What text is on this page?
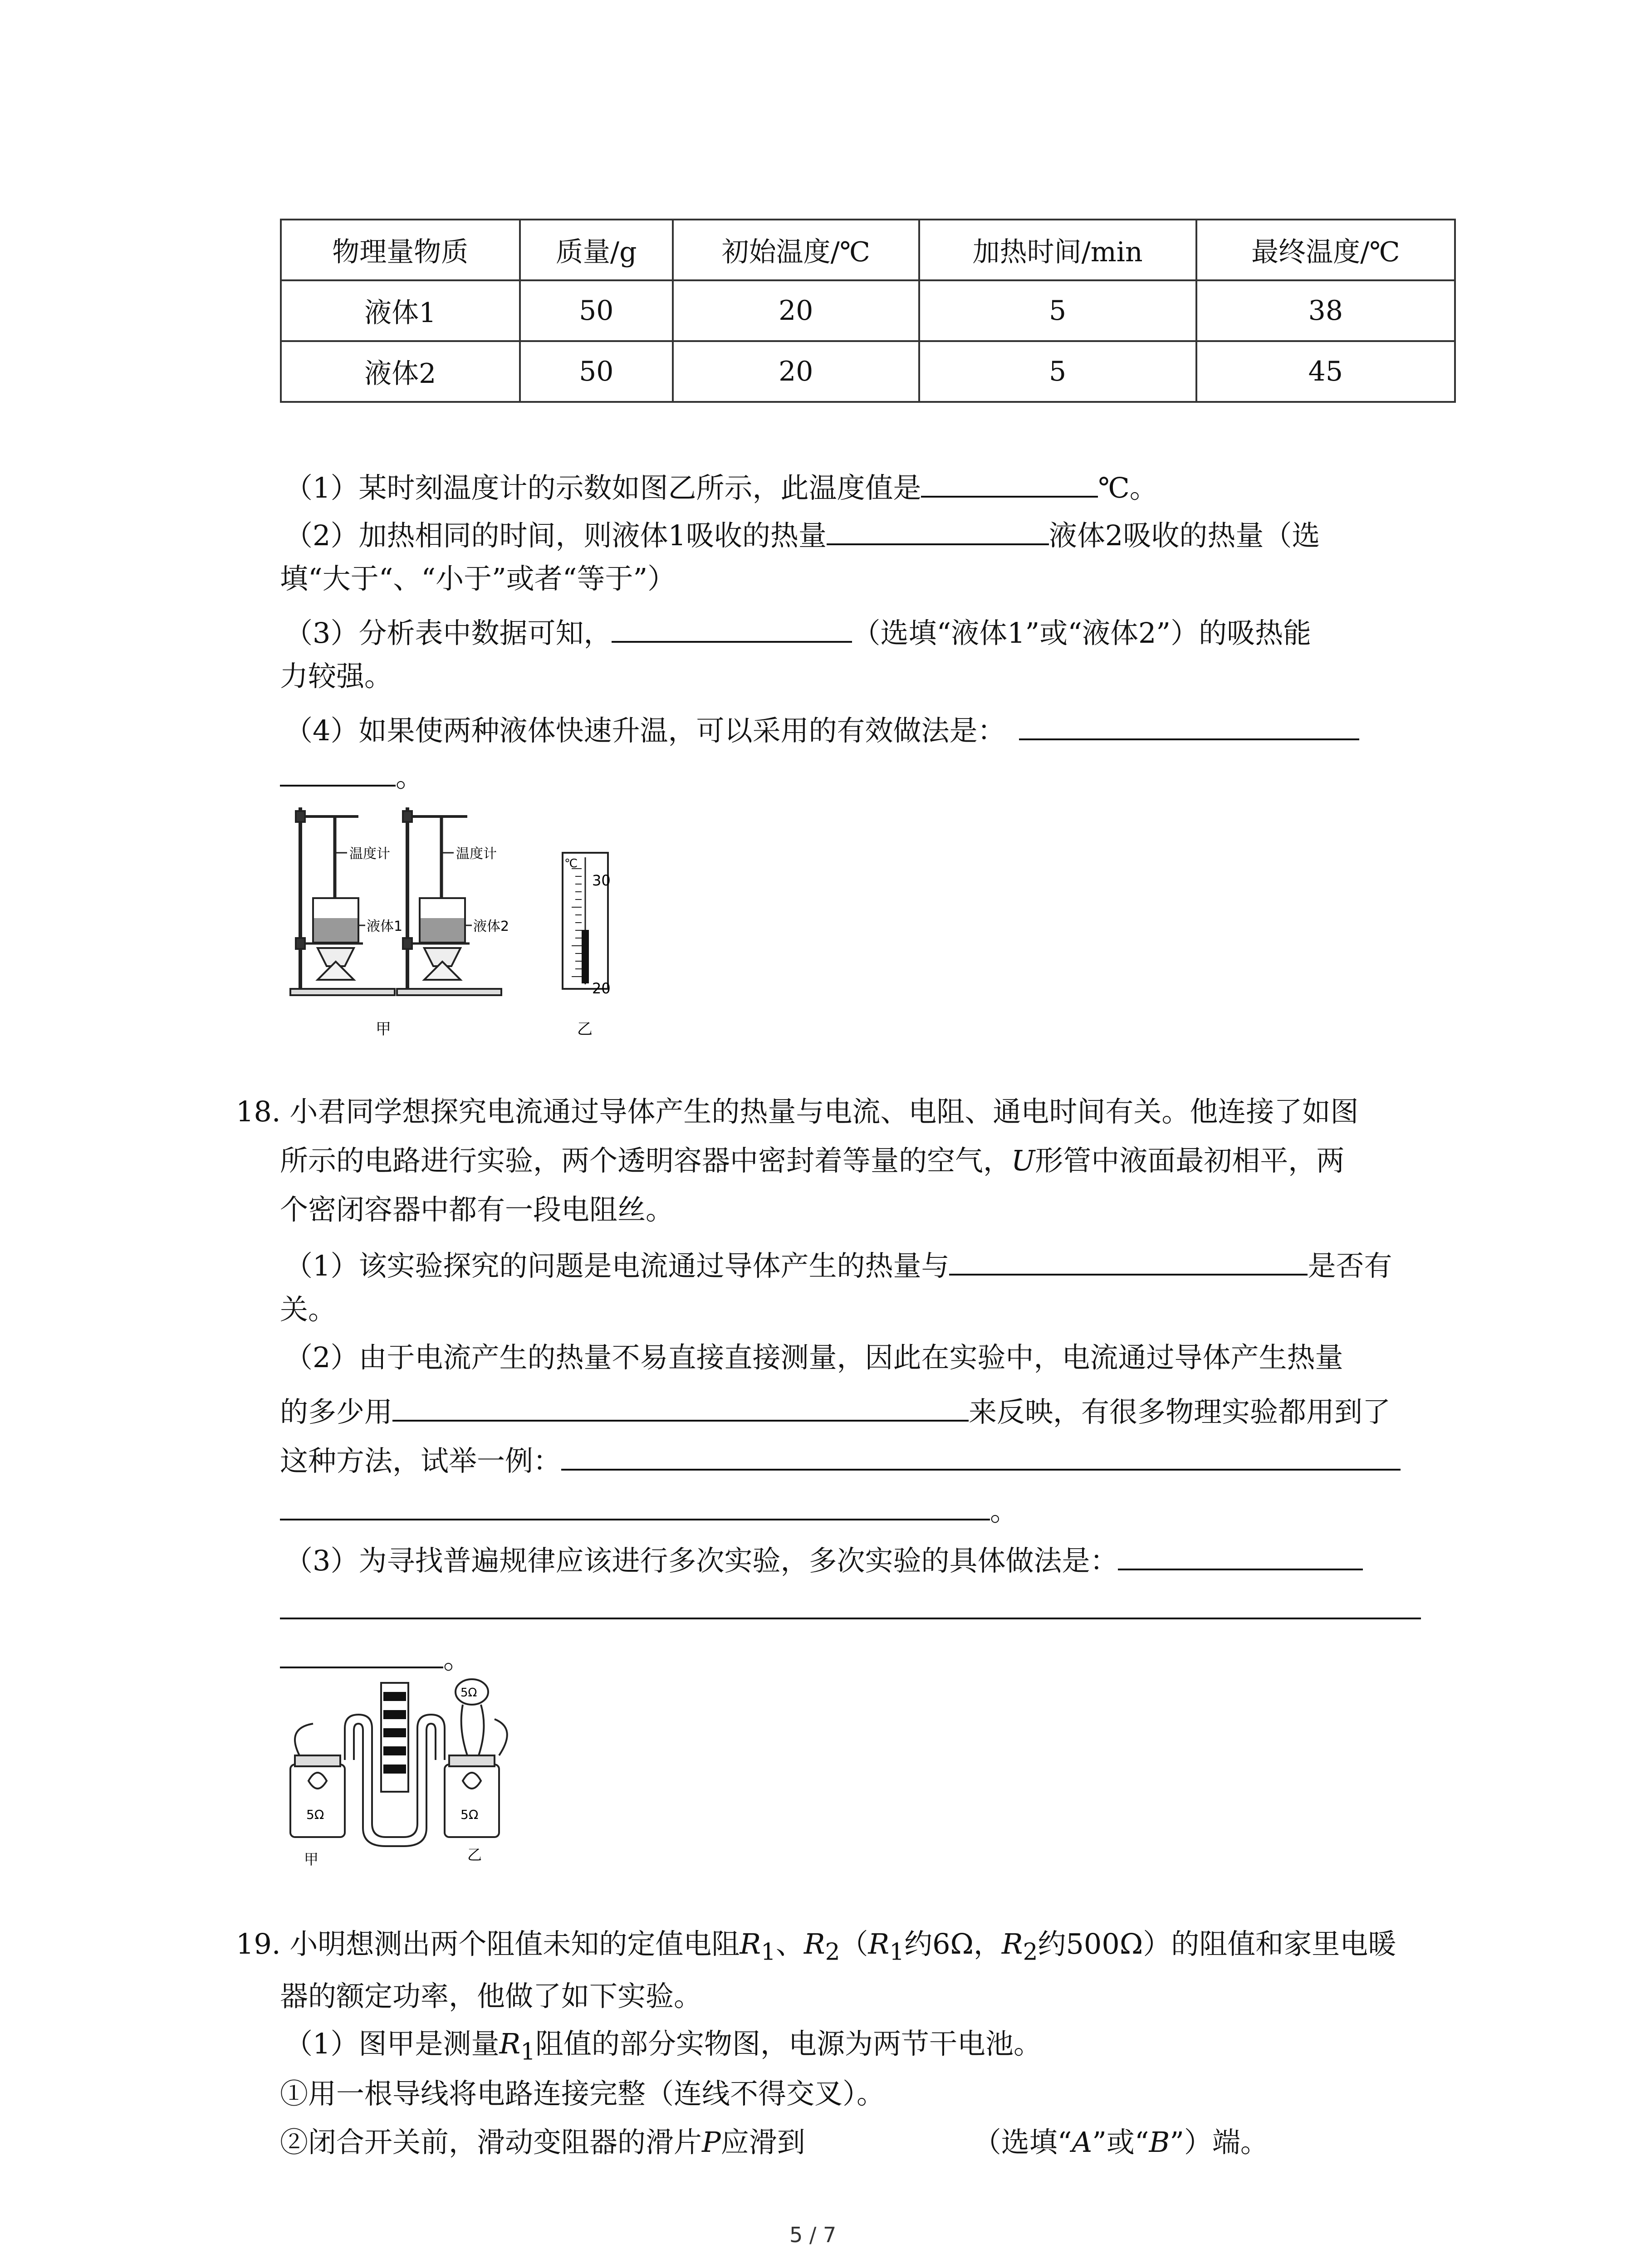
物理量物质	质量/g	初始温度/℃	加热时间/min	最终温度/℃
液体1	50	20	5	38
液体2	50	20	5	45
（1）某时刻温度计的示数如图乙所示，此温度值是	℃。
（2）加热相同的时间，则液体1吸收的热量	液体2吸收的热量（选
填“大于“、“小于”或者“等于”）
（3）分析表中数据可知，	（选填“液体1”或“液体2”）的吸热能
力较强。
（4）如果使两种液体快速升温，可以采用的有效做法是：
。
温度计
液体1
温度计
液体2
甲	乙
℃
30
20
18. 小君同学想探究电流通过导体产生的热量与电流、电阻、通电时间有关。他连接了如图
所示的电路进行实验，两个透明容器中密封着等量的空气，U形管中液面最初相平，两
个密闭容器中都有一段电阻丝。
（1）该实验探究的问题是电流通过导体产生的热量与	是否有
关。
（2）由于电流产生的热量不易直接直接测量，因此在实验中，电流通过导体产生热量
的多少用	来反映，有很多物理实验都用到了
这种方法，试举一例：
。
（3）为寻找普遍规律应该进行多次实验，多次实验的具体做法是：
。
5Ω
5Ω	5Ω
甲	乙
19. 小明想测出两个阻值未知的定值电阻$R_1$、$R_2(R_1$约6Ω，$R_2$约500Ω）的阻值和家里电暖
器的额定功率，他做了如下实验。
（1）图甲是测量$R_1$阻值的部分实物图，电源为两节干电池。
①用一根导线将电路连接完整（连线不得交叉）。
②闭合开关前，滑动变阻器的滑片P应滑到	（选填“A”或“B”）端。
5 / 7
